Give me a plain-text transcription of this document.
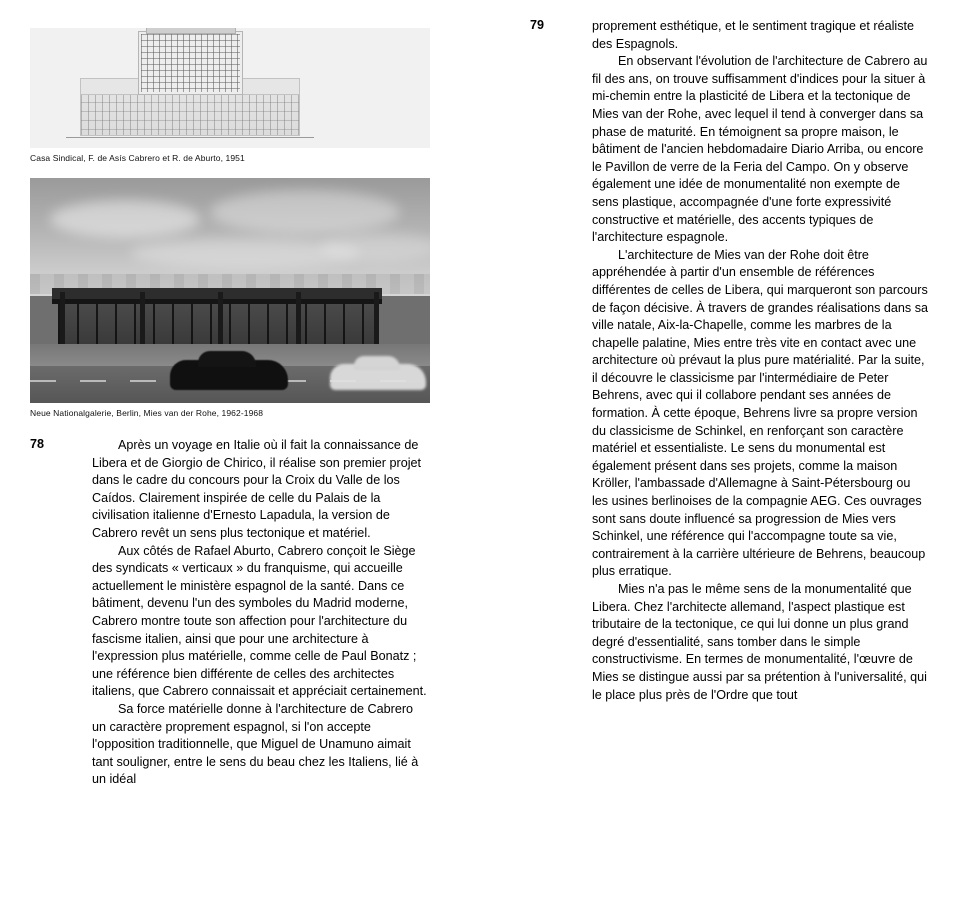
Casa Sindical, F. de Asís Cabrero et R. de Aburto, 1951
Neue Nationalgalerie, Berlin, Mies van der Rohe, 1962-1968
78	Après un voyage en Italie où il fait la connaissance de Libera et de Giorgio de Chirico, il réalise son premier projet dans le cadre du concours pour la Croix du Valle de los Caídos. Clairement inspirée de celle du Palais de la civilisation italienne d'Ernesto Lapadula, la version de Cabrero revêt un sens plus tectonique et matériel.

Aux côtés de Rafael Aburto, Cabrero conçoit le Siège des syndicats « verticaux » du franquisme, qui accueille actuellement le ministère espagnol de la santé. Dans ce bâtiment, devenu l'un des symboles du Madrid moderne, Cabrero montre toute son affection pour l'architecture du fascisme italien, ainsi que pour une architecture à l'expression plus matérielle, comme celle de Paul Bonatz ; une référence bien différente de celles des architectes italiens, que Cabrero connaissait et appréciait certainement.

Sa force matérielle donne à l'architecture de Cabrero un caractère proprement espagnol, si l'on accepte l'opposition traditionnelle, que Miguel de Unamuno aimait tant souligner, entre le sens du beau chez les Italiens, lié à un idéal

79	proprement esthétique, et le sentiment tragique et réaliste des Espagnols.

En observant l'évolution de l'architecture de Cabrero au fil des ans, on trouve suffisamment d'indices pour la situer à mi-chemin entre la plasticité de Libera et la tectonique de Mies van der Rohe, avec lequel il tend à converger dans sa phase de maturité. En témoignent sa propre maison, le bâtiment de l'ancien hebdomadaire Diario Arriba, ou encore le Pavillon de verre de la Feria del Campo. On y observe également une idée de monumentalité non exempte de sens plastique, accompagnée d'une forte expressivité constructive et matérielle, des accents typiques de l'architecture espagnole.

L'architecture de Mies van der Rohe doit être appréhendée à partir d'un ensemble de références différentes de celles de Libera, qui marqueront son parcours de façon décisive. À travers de grandes réalisations dans sa ville natale, Aix-la-Chapelle, comme les marbres de la chapelle palatine, Mies entre très vite en contact avec une architecture où prévaut la plus pure matérialité. Par la suite, il découvre le classicisme par l'intermédiaire de Peter Behrens, avec qui il collabore pendant ses années de formation. À cette époque, Behrens livre sa propre version du classicisme de Schinkel, en renforçant son caractère matériel et essentialiste. Le sens du monumental est également présent dans ses projets, comme la maison Kröller, l'ambassade d'Allemagne à Saint-Pétersbourg ou les usines berlinoises de la compagnie AEG. Ces ouvrages sont sans doute influencé sa progression de Mies vers Schinkel, une référence qui l'accompagne toute sa vie, contrairement à la carrière ultérieure de Behrens, beaucoup plus erratique.

Mies n'a pas le même sens de la monumentalité que Libera. Chez l'architecte allemand, l'aspect plastique est tributaire de la tectonique, ce qui lui donne un plus grand degré d'essentialité, sans tomber dans le simple constructivisme. En termes de monumentalité, l'œuvre de Mies se distingue aussi par sa prétention à l'universalité, qui le place plus près de l'Ordre que tout
